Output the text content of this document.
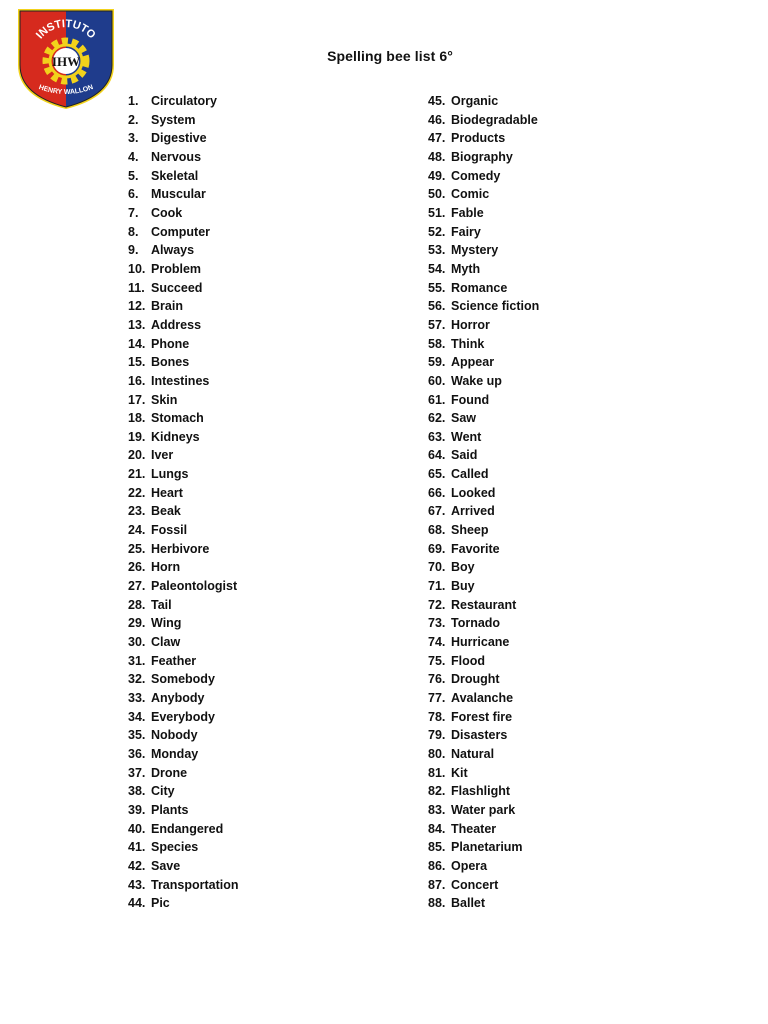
IHW
INSTITUTO
HENRY WALLON
Spelling bee list 6°
1. Circulatory
2. System
3. Digestive
4. Nervous
5. Skeletal
6. Muscular
7. Cook
8. Computer
9. Always
10. Problem
11. Succeed
12. Brain
13. Address
14. Phone
15. Bones
16. Intestines
17. Skin
18. Stomach
19. Kidneys
20. Iver
21. Lungs
22. Heart
23. Beak
24. Fossil
25. Herbivore
26. Horn
27. Paleontologist
28. Tail
29. Wing
30. Claw
31. Feather
32. Somebody
33. Anybody
34. Everybody
35. Nobody
36. Monday
37. Drone
38. City
39. Plants
40. Endangered
41. Species
42. Save
43. Transportation
44. Pic
45. Organic
46. Biodegradable
47. Products
48. Biography
49. Comedy
50. Comic
51. Fable
52. Fairy
53. Mystery
54. Myth
55. Romance
56. Science fiction
57. Horror
58. Think
59. Appear
60. Wake up
61. Found
62. Saw
63. Went
64. Said
65. Called
66. Looked
67. Arrived
68. Sheep
69. Favorite
70. Boy
71. Buy
72. Restaurant
73. Tornado
74. Hurricane
75. Flood
76. Drought
77. Avalanche
78. Forest fire
79. Disasters
80. Natural
81. Kit
82. Flashlight
83. Water park
84. Theater
85. Planetarium
86. Opera
87. Concert
88. Ballet
